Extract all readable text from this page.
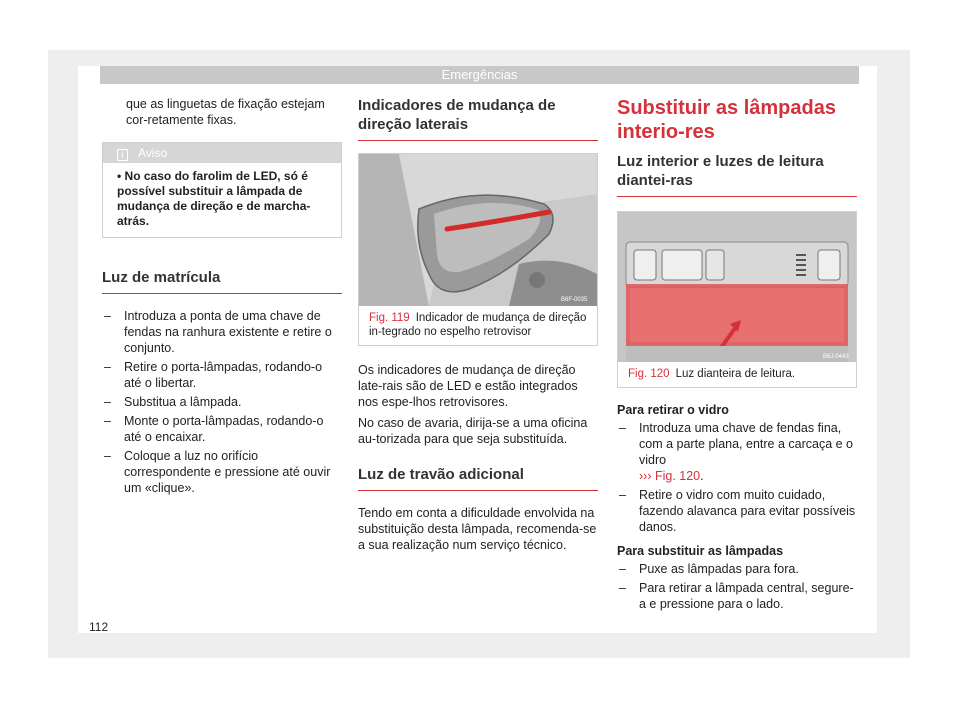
Emergências

que as linguetas de fixação estejam cor-retamente fixas.

i Aviso
• No caso do farolim de LED, só é possível substituir a lâmpada de mudança de direção e de marcha-atrás.
Luz de matrícula
– Introduza a ponta de uma chave de fendas na ranhura existente e retire o conjunto.
– Retire o porta-lâmpadas, rodando-o até o libertar.
– Substitua a lâmpada.
– Monte o porta-lâmpadas, rodando-o até o encaixar.
– Coloque a luz no orifício correspondente e pressione até ouvir um «clique».
Indicadores de mudança de direção laterais
B6F-0035
Fig. 119 Indicador de mudança de direção in-tegrado no espelho retrovisor

Os indicadores de mudança de direção late-rais são de LED e estão integrados nos espe-lhos retrovisores.

No caso de avaria, dirija-se a uma oficina au-torizada para que seja substituída.

Luz de travão adicional

Tendo em conta a dificuldade envolvida na substituição desta lâmpada, recomenda-se a sua realização num serviço técnico.

Substituir as lâmpadas interio-res
Luz interior e luzes de leitura diantei-ras
B6J-0443
Fig. 120 Luz dianteira de leitura.

Para retirar o vidro

– Introduza uma chave de fendas fina, com a parte plana, entre a carcaça e o vidro
››› Fig. 120.
– Retire o vidro com muito cuidado, fazendo alavanca para evitar possíveis danos.

Para substituir as lâmpadas

– Puxe as lâmpadas para fora.
– Para retirar a lâmpada central, segure-a e pressione para o lado.
112
